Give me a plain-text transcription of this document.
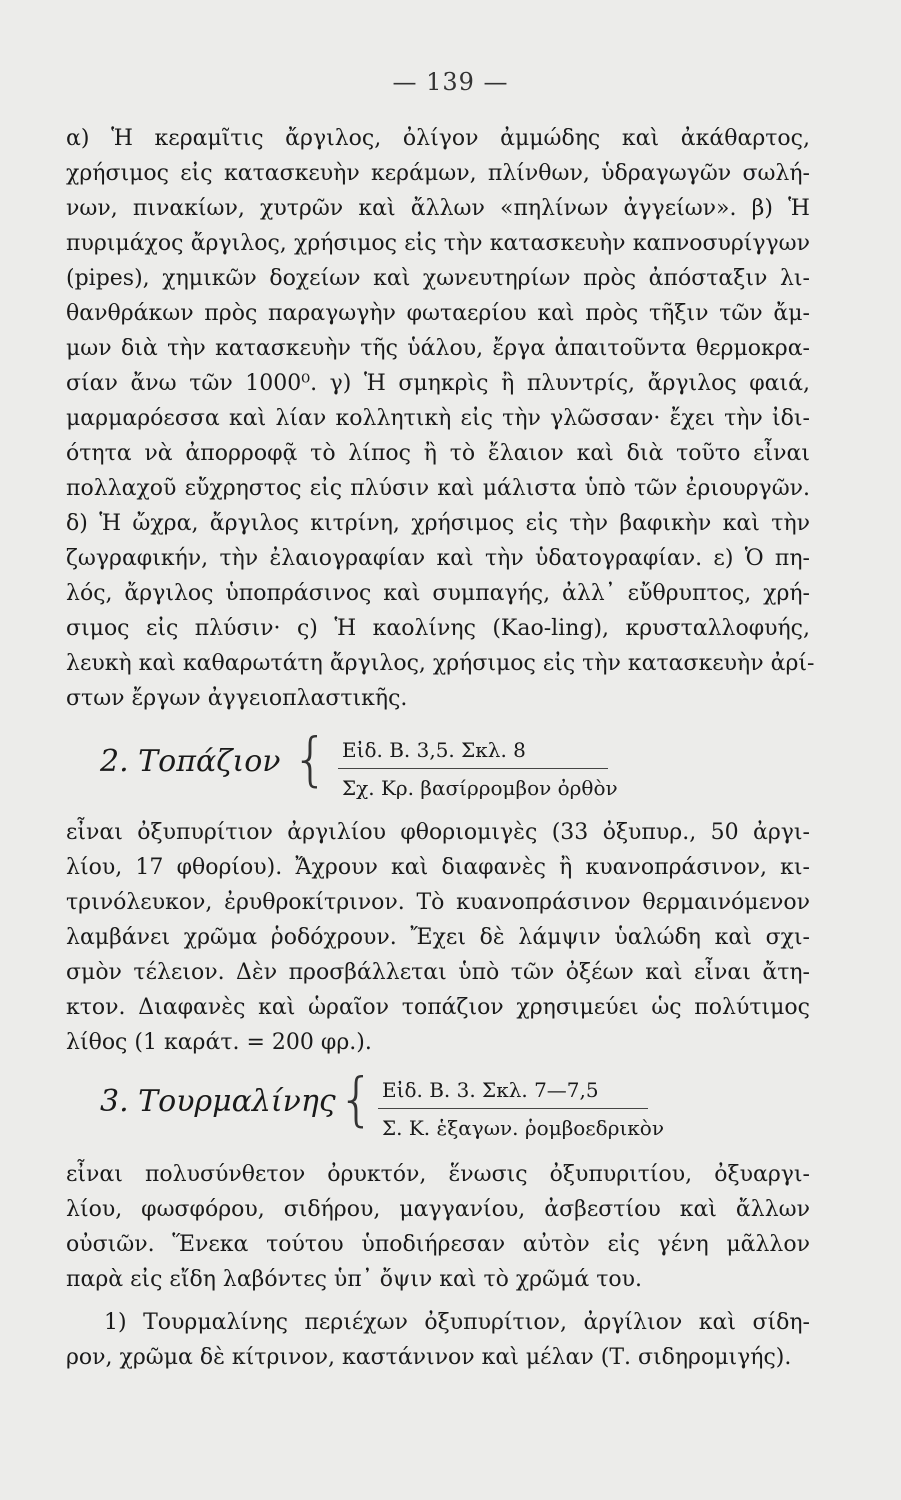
— 139 —
α) Ἡ κεραμῖτις ἄργιλος, ὀλίγον ἀμμώδης καὶ ἀκάθαρτος,
χρήσιμος εἰς κατασκευὴν κεράμων, πλίνθων, ὑδραγωγῶν σωλή-
νων, πινακίων, χυτρῶν καὶ ἄλλων «πηλίνων ἀγγείων». β) Ἡ
πυριμάχος ἄργιλος, χρήσιμος εἰς τὴν κατασκευὴν καπνοσυρίγγων
(pipes), χημικῶν δοχείων καὶ χωνευτηρίων πρὸς ἀπόσταξιν λι-
θανθράκων πρὸς παραγωγὴν φωταερίου καὶ πρὸς τῆξιν τῶν ἄμ-
μων διὰ τὴν κατασκευὴν τῆς ὑάλου, ἔργα ἀπαιτοῦντα θερμοκρα-
σίαν ἄνω τῶν 1000⁰. γ) Ἡ σμηκρὶς ἢ πλυντρίς, ἄργιλος φαιά,
μαρμαρόεσσα καὶ λίαν κολλητικὴ εἰς τὴν γλῶσσαν· ἔχει τὴν ἰδι-
ότητα νὰ ἀπορροφᾷ τὸ λίπος ἢ τὸ ἔλαιον καὶ διὰ τοῦτο εἶναι
πολλαχοῦ εὔχρηστος εἰς πλύσιν καὶ μάλιστα ὑπὸ τῶν ἐριουργῶν.
δ) Ἡ ὤχρα, ἄργιλος κιτρίνη, χρήσιμος εἰς τὴν βαφικὴν καὶ τὴν
ζωγραφικήν, τὴν ἐλαιογραφίαν καὶ τὴν ὑδατογραφίαν. ε) Ὁ πη-
λός, ἄργιλος ὑποπράσινος καὶ συμπαγής, ἀλλ᾽ εὔθρυπτος, χρή-
σιμος εἰς πλύσιν· ς) Ἡ καολίνης (Kao-ling), κρυσταλλοφυής,
λευκὴ καὶ καθαρωτάτη ἄργιλος, χρήσιμος εἰς τὴν κατασκευὴν ἀρί-
στων ἔργων ἀγγειοπλαστικῆς.
2. Τοπάζιον { Εἰδ. Β. 3,5. Σκλ. 8
Σχ. Κρ. βασίρρομβον ὀρθὸν
εἶναι ὀξυπυρίτιον ἀργιλίου φθοριομιγὲς (33 ὀξυπυρ., 50 ἀργι-
λίου, 17 φθορίου). Ἄχρουν καὶ διαφανὲς ἢ κυανοπράσινον, κι-
τρινόλευκον, ἐρυθροκίτρινον. Τὸ κυανοπράσινον θερμαινόμενον
λαμβάνει χρῶμα ῥοδόχρουν. Ἔχει δὲ λάμψιν ὑαλώδη καὶ σχι-
σμὸν τέλειον. Δὲν προσβάλλεται ὑπὸ τῶν ὀξέων καὶ εἶναι ἄτη-
κτον. Διαφανὲς καὶ ὡραῖον τοπάζιον χρησιμεύει ὡς πολύτιμος
λίθος (1 καράτ. = 200 φρ.).
3. Τουρμαλίνης { Εἰδ. Β. 3. Σκλ. 7—7,5
Σ. Κ. ἑξαγων. ῥομβοεδρικὸν
εἶναι πολυσύνθετον ὀρυκτόν, ἕνωσις ὀξυπυριτίου, ὀξυαργι-
λίου, φωσφόρου, σιδήρου, μαγγανίου, ἀσβεστίου καὶ ἄλλων
οὐσιῶν. Ἕνεκα τούτου ὑποδιήρεσαν αὐτὸν εἰς γένη μᾶλλον
παρὰ εἰς εἴδη λαβόντες ὑπ᾽ ὄψιν καὶ τὸ χρῶμά του.
1) Τουρμαλίνης περιέχων ὀξυπυρίτιον, ἀργίλιον καὶ σίδη-
ρον, χρῶμα δὲ κίτρινον, καστάνινον καὶ μέλαν (Τ. σιδηρομιγής).
